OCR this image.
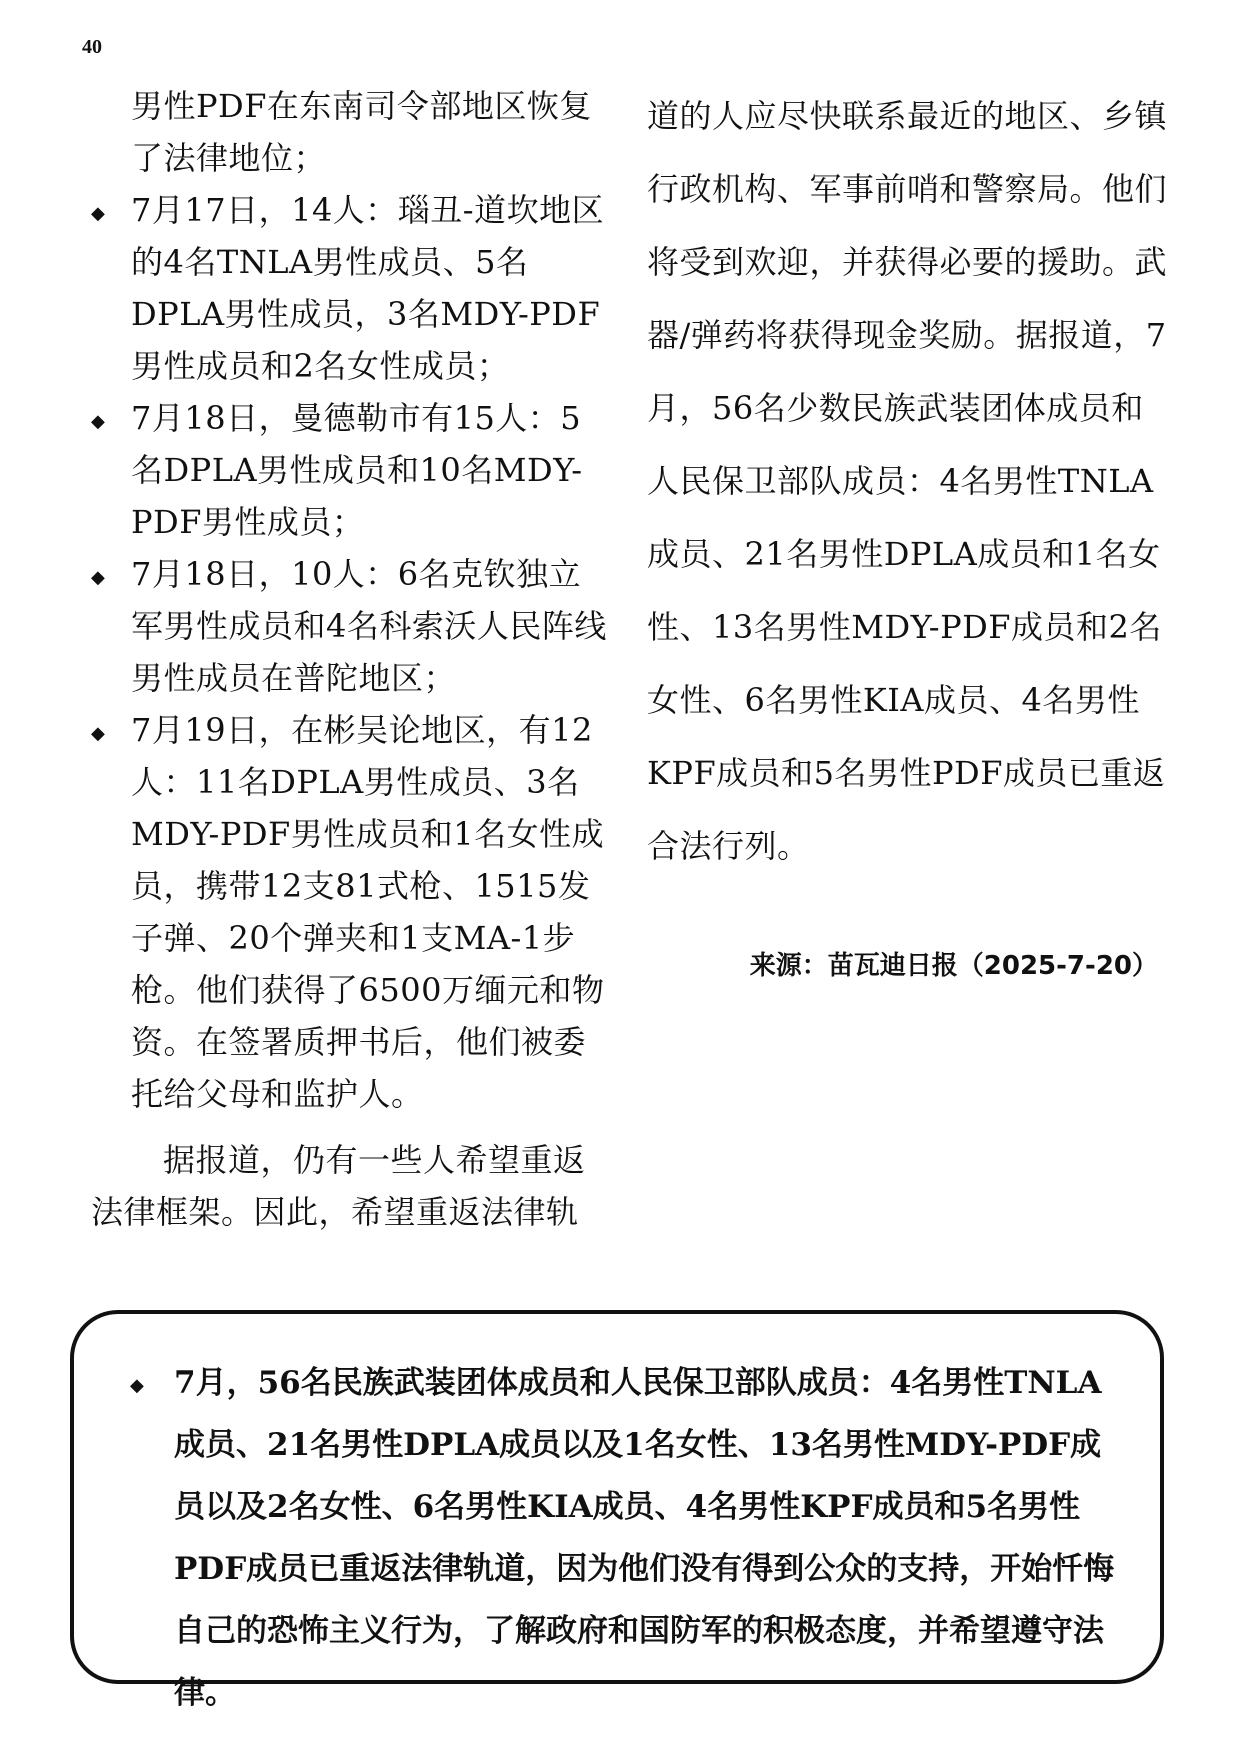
40

男性PDF在东南司令部地区恢复了法律地位；

◆ 7月17日，14人：瑙丑-道坎地区的4名TNLA男性成员、5名DPLA男性成员，3名MDY-PDF男性成员和2名女性成员；
◆ 7月18日，曼德勒市有15人：5名DPLA男性成员和10名MDY-PDF男性成员；
◆ 7月18日，10人：6名克钦独立军男性成员和4名科索沃人民阵线男性成员在普陀地区；
◆ 7月19日，在彬吴论地区，有12人：11名DPLA男性成员、3名MDY-PDF男性成员和1名女性成员，携带12支81式枪、1515发子弹、20个弹夹和1支MA-1步枪。他们获得了6500万缅元和物资。在签署质押书后，他们被委托给父母和监护人。

据报道，仍有一些人希望重返法律框架。因此，希望重返法律轨

道的人应尽快联系最近的地区、乡镇行政机构、军事前哨和警察局。他们将受到欢迎，并获得必要的援助。武器/弹药将获得现金奖励。据报道，7月，56名少数民族武装团体成员和人民保卫部队成员：4名男性TNLA成员、21名男性DPLA成员和1名女性、13名男性MDY-PDF成员和2名女性、6名男性KIA成员、4名男性KPF成员和5名男性PDF成员已重返合法行列。

来源：苗瓦迪日报（2025-7-20）
◆ 7月，56名民族武装团体成员和人民保卫部队成员：4名男性TNLA成员、21名男性DPLA成员以及1名女性、13名男性MDY-PDF成员以及2名女性、6名男性KIA成员、4名男性KPF成员和5名男性PDF成员已重返法律轨道，因为他们没有得到公众的支持，开始忏悔自己的恐怖主义行为，了解政府和国防军的积极态度，并希望遵守法律。
